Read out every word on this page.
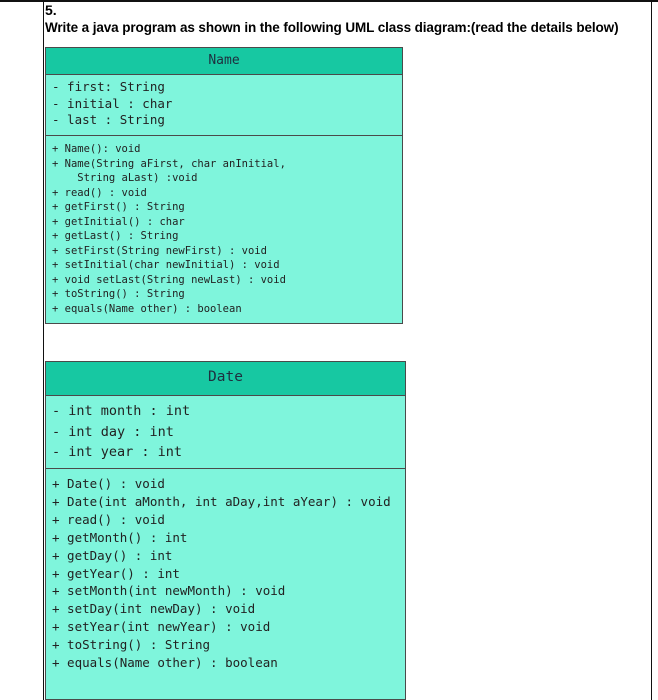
5.
Write a java program as shown in the following UML class diagram:(read the details below)
Name
- first: String
- initial : char
- last : String
+ Name(): void
+ Name(String aFirst, char anInitial,
String aLast) :void
+ read() : void
+ getFirst() : String
+ getInitial() : char
+ getLast() : String
+ setFirst(String newFirst) : void
+ setInitial(char newInitial) : void
+ void setLast(String newLast) : void
+ toString() : String
+ equals(Name other) : boolean
Date
- int month : int
- int day : int
- int year : int
+ Date() : void
+ Date(int aMonth, int aDay,int aYear) : void
+ read() : void
+ getMonth() : int
+ getDay() : int
+ getYear() : int
+ setMonth(int newMonth) : void
+ setDay(int newDay) : void
+ setYear(int newYear) : void
+ toString() : String
+ equals(Name other) : boolean
